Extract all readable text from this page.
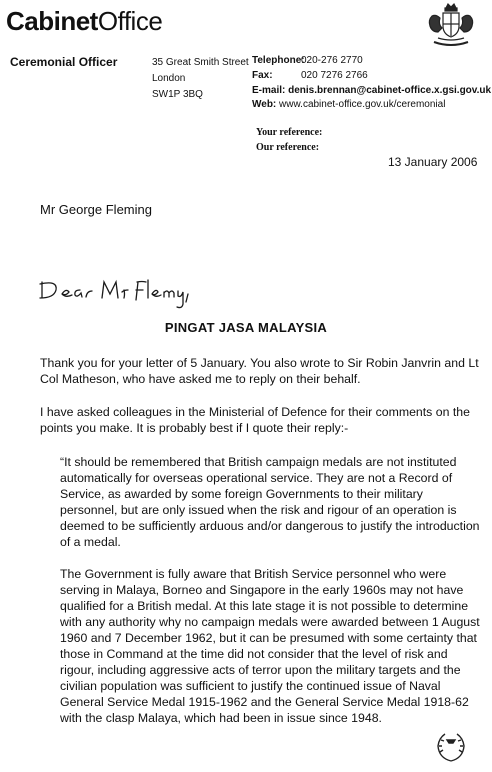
CabinetOffice
Ceremonial Officer	35 Great Smith Street
London
SW1P 3BQ
Telephone:020-276 2770
Fax:	020 7276 2766
E-mail: denis.brennan@cabinet-office.x.gsi.gov.uk
Web: www.cabinet-office.gov.uk/ceremonial
Your reference:
Our reference:
13 January 2006
Mr George Fleming
PINGAT JASA MALAYSIA
Thank you for your letter of 5 January. You also wrote to Sir Robin Janvrin and Lt Col Matheson, who have asked me to reply on their behalf.
I have asked colleagues in the Ministerial of Defence for their comments on the points you make. It is probably best if I quote their reply:-
“It should be remembered that British campaign medals are not instituted automatically for overseas operational service. They are not a Record of Service, as awarded by some foreign Governments to their military personnel, but are only issued when the risk and rigour of an operation is deemed to be sufficiently arduous and/or dangerous to justify the introduction of a medal.
The Government is fully aware that British Service personnel who were serving in Malaya, Borneo and Singapore in the early 1960s may not have qualified for a British medal. At this late stage it is not possible to determine with any authority why no campaign medals were awarded between 1 August 1960 and 7 December 1962, but it can be presumed with some certainty that those in Command at the time did not consider that the level of risk and rigour, including aggressive acts of terror upon the military targets and the civilian population was sufficient to justify the continued issue of Naval General Service Medal 1915-1962 and the General Service Medal 1918-62 with the clasp Malaya, which had been in issue since 1948.
